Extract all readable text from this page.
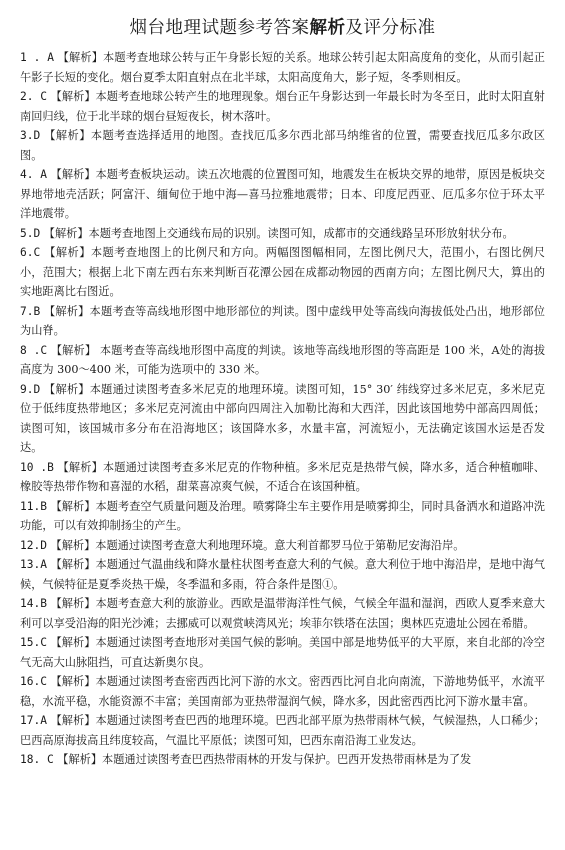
烟台地理试题参考答案解析及评分标准

1 . A 【解析】本题考查地球公转与正午身影长短的关系。地球公转引起太阳高度角的变化，从而引起正午影子长短的变化。烟台夏季太阳直射点在北半球，太阳高度角大，影子短，冬季则相反。

2. C 【解析】本题考查地球公转产生的地理现象。烟台正午身影达到一年最长时为冬至日，此时太阳直射南回归线，位于北半球的烟台昼短夜长，树木落叶。

3.D 【解析】本题考查选择适用的地图。查找厄瓜多尔西北部马纳维省的位置，需要查找厄瓜多尔政区图。

4. A 【解析】本题考查板块运动。读五次地震的位置图可知，地震发生在板块交界的地带，原因是板块交界地带地壳活跃；阿富汗、缅甸位于地中海—喜马拉雅地震带；日本、印度尼西亚、厄瓜多尔位于环太平洋地震带。

5.D 【解析】本题考查地图上交通线布局的识别。读图可知，成都市的交通线路呈环形放射状分布。

6.C 【解析】本题考查地图上的比例尺和方向。两幅图图幅相同，左图比例尺大，范围小，右图比例尺小，范围大；根据上北下南左西右东来判断百花潭公园在成都动物园的西南方向；左图比例尺大，算出的实地距离比右图近。

7.B 【解析】本题考查等高线地形图中地形部位的判读。图中虚线甲处等高线向海拔低处凸出，地形部位为山脊。

8 .C 【解析】 本题考查等高线地形图中高度的判读。该地等高线地形图的等高距是 100 米，A处的海拔高度为 300～400 米，可能为选项中的 330 米。

9.D 【解析】本题通过读图考查多米尼克的地理环境。读图可知，15° 30′ 纬线穿过多米尼克，多米尼克位于低纬度热带地区；多米尼克河流由中部向四周注入加勒比海和大西洋，因此该国地势中部高四周低；读图可知，该国城市多分布在沿海地区；该国降水多，水量丰富，河流短小，无法确定该国水运是否发达。

10 .B 【解析】本题通过读图考查多米尼克的作物种植。多米尼克是热带气候，降水多，适合种植咖啡、橡胶等热带作物和喜湿的水稻，甜菜喜凉爽气候，不适合在该国种植。

11.B 【解析】本题考查空气质量问题及治理。喷雾降尘车主要作用是喷雾抑尘，同时具备洒水和道路冲洗功能，可以有效抑制扬尘的产生。

12.D 【解析】本题通过读图考查意大利地理环境。意大利首都罗马位于第勒尼安海沿岸。

13.A 【解析】本题通过气温曲线和降水量柱状图考查意大利的气候。意大利位于地中海沿岸，是地中海气候，气候特征是夏季炎热干燥，冬季温和多雨，符合条件是图①。

14.B 【解析】本题考查意大利的旅游业。西欧是温带海洋性气候，气候全年温和湿润，西欧人夏季来意大利可以享受沿海的阳光沙滩；去挪威可以观赏峡湾风光；埃菲尔铁塔在法国；奥林匹克遗址公园在希腊。

15.C 【解析】本题通过读图考查地形对美国气候的影响。美国中部是地势低平的大平原，来自北部的冷空气无高大山脉阻挡，可直达新奥尔良。

16.C 【解析】本题通过读图考查密西西比河下游的水文。密西西比河自北向南流，下游地势低平，水流平稳，水流平稳，水能资源不丰富；美国南部为亚热带湿润气候，降水多，因此密西西比河下游水量丰富。

17.A 【解析】本题通过读图考查巴西的地理环境。巴西北部平原为热带雨林气候，气候湿热，人口稀少；巴西高原海拔高且纬度较高，气温比平原低；读图可知，巴西东南沿海工业发达。

18. C 【解析】本题通过读图考查巴西热带雨林的开发与保护。巴西开发热带雨林是为了发
